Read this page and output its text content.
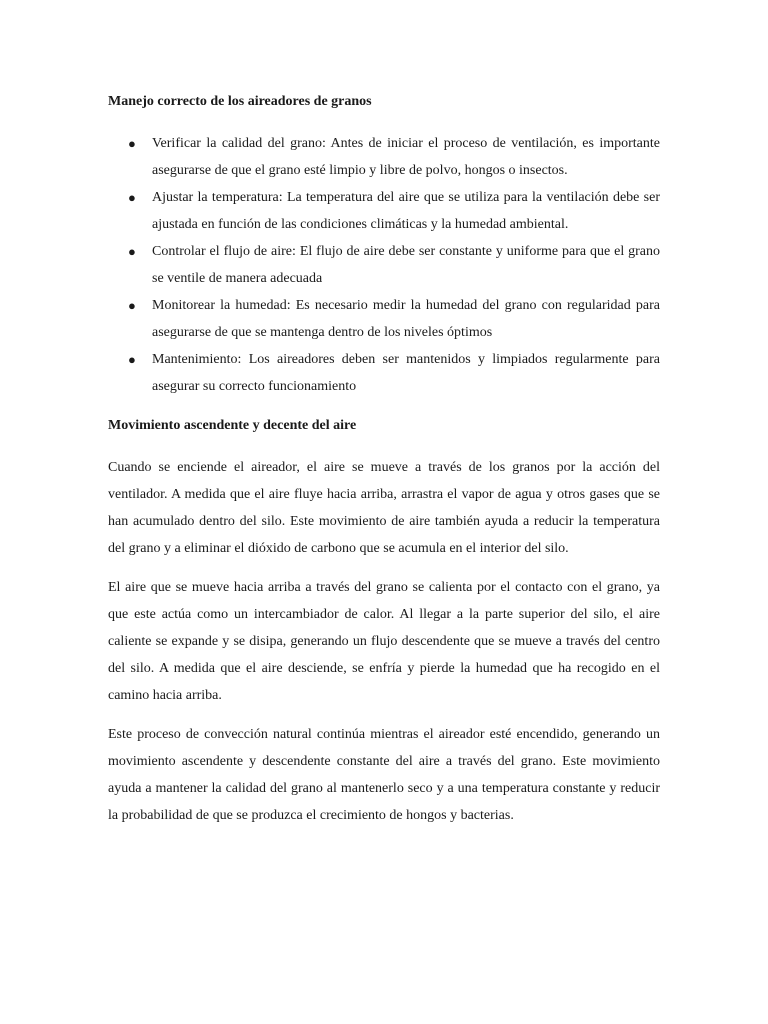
Manejo correcto de los aireadores de granos
● Verificar la calidad del grano: Antes de iniciar el proceso de ventilación, es importante asegurarse de que el grano esté limpio y libre de polvo, hongos o insectos.
● Ajustar la temperatura: La temperatura del aire que se utiliza para la ventilación debe ser ajustada en función de las condiciones climáticas y la humedad ambiental.
● Controlar el flujo de aire: El flujo de aire debe ser constante y uniforme para que el grano se ventile de manera adecuada
● Monitorear la humedad: Es necesario medir la humedad del grano con regularidad para asegurarse de que se mantenga dentro de los niveles óptimos
● Mantenimiento: Los aireadores deben ser mantenidos y limpiados regularmente para asegurar su correcto funcionamiento
Movimiento ascendente y decente del aire

Cuando se enciende el aireador, el aire se mueve a través de los granos por la acción del ventilador. A medida que el aire fluye hacia arriba, arrastra el vapor de agua y otros gases que se han acumulado dentro del silo. Este movimiento de aire también ayuda a reducir la temperatura del grano y a eliminar el dióxido de carbono que se acumula en el interior del silo.

El aire que se mueve hacia arriba a través del grano se calienta por el contacto con el grano, ya que este actúa como un intercambiador de calor. Al llegar a la parte superior del silo, el aire caliente se expande y se disipa, generando un flujo descendente que se mueve a través del centro del silo. A medida que el aire desciende, se enfría y pierde la humedad que ha recogido en el camino hacia arriba.

Este proceso de convección natural continúa mientras el aireador esté encendido, generando un movimiento ascendente y descendente constante del aire a través del grano. Este movimiento ayuda a mantener la calidad del grano al mantenerlo seco y a una temperatura constante y reducir la probabilidad de que se produzca el crecimiento de hongos y bacterias.
